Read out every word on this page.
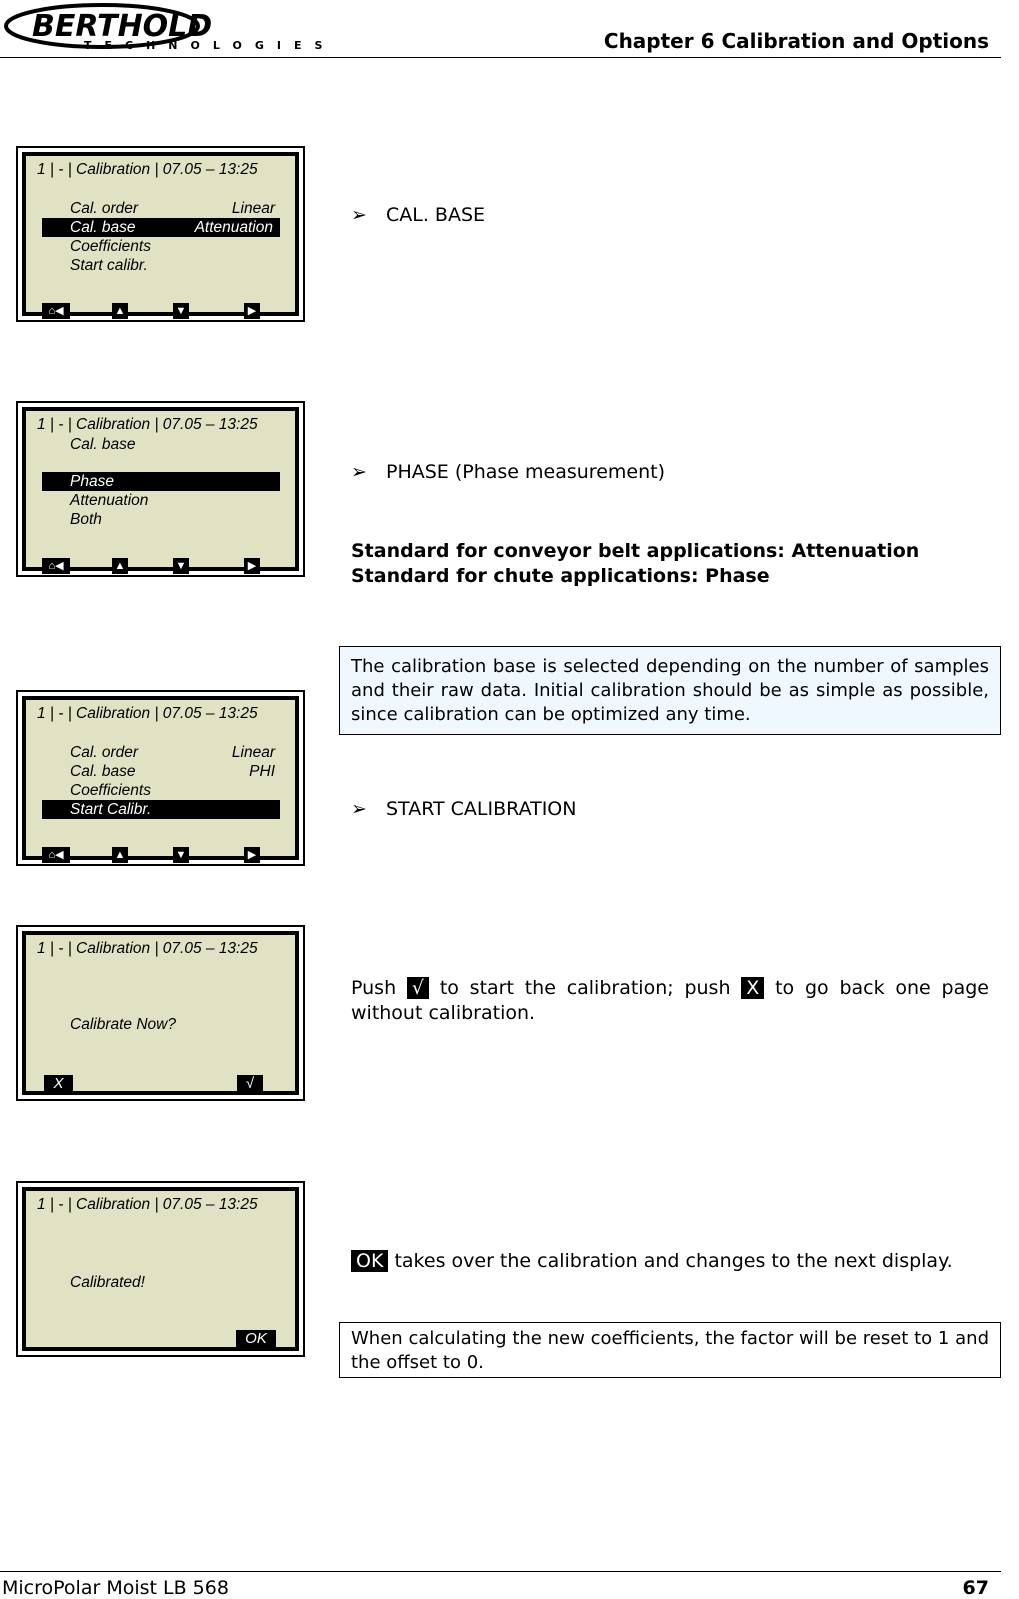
BERTHOLD
TECHNOLOGIES	Chapter 6 Calibration and Options
1 | - | Calibration | 07.05 – 13:25
Cal. order	Linear
Cal. base	Attenuation
Coefficients
Start calibr.
⌂◀	▲	▼	▶
➢ CAL. BASE
1 | - | Calibration | 07.05 – 13:25
Cal. base
Phase
Attenuation
Both
⌂◀	▲	▼	▶
➢ PHASE (Phase measurement)
Standard for conveyor belt applications: Attenuation
Standard for chute applications: Phase
The calibration base is selected depending on the number of samples and their raw data. Initial calibration should be as simple as possible, since calibration can be optimized any time.
1 | - | Calibration | 07.05 – 13:25
Cal. order	Linear
Cal. base	PHI
Coefficients
Start Calibr.
⌂◀	▲	▼	▶
➢ START CALIBRATION
1 | - | Calibration | 07.05 – 13:25
Calibrate Now?
X	√
Push √ to start the calibration; push X to go back one page without calibration.
1 | - | Calibration | 07.05 – 13:25
Calibrated!
OK
OK takes over the calibration and changes to the next display.
When calculating the new coefficients, the factor will be reset to 1 and the offset to 0.
MicroPolar Moist LB 568	67
